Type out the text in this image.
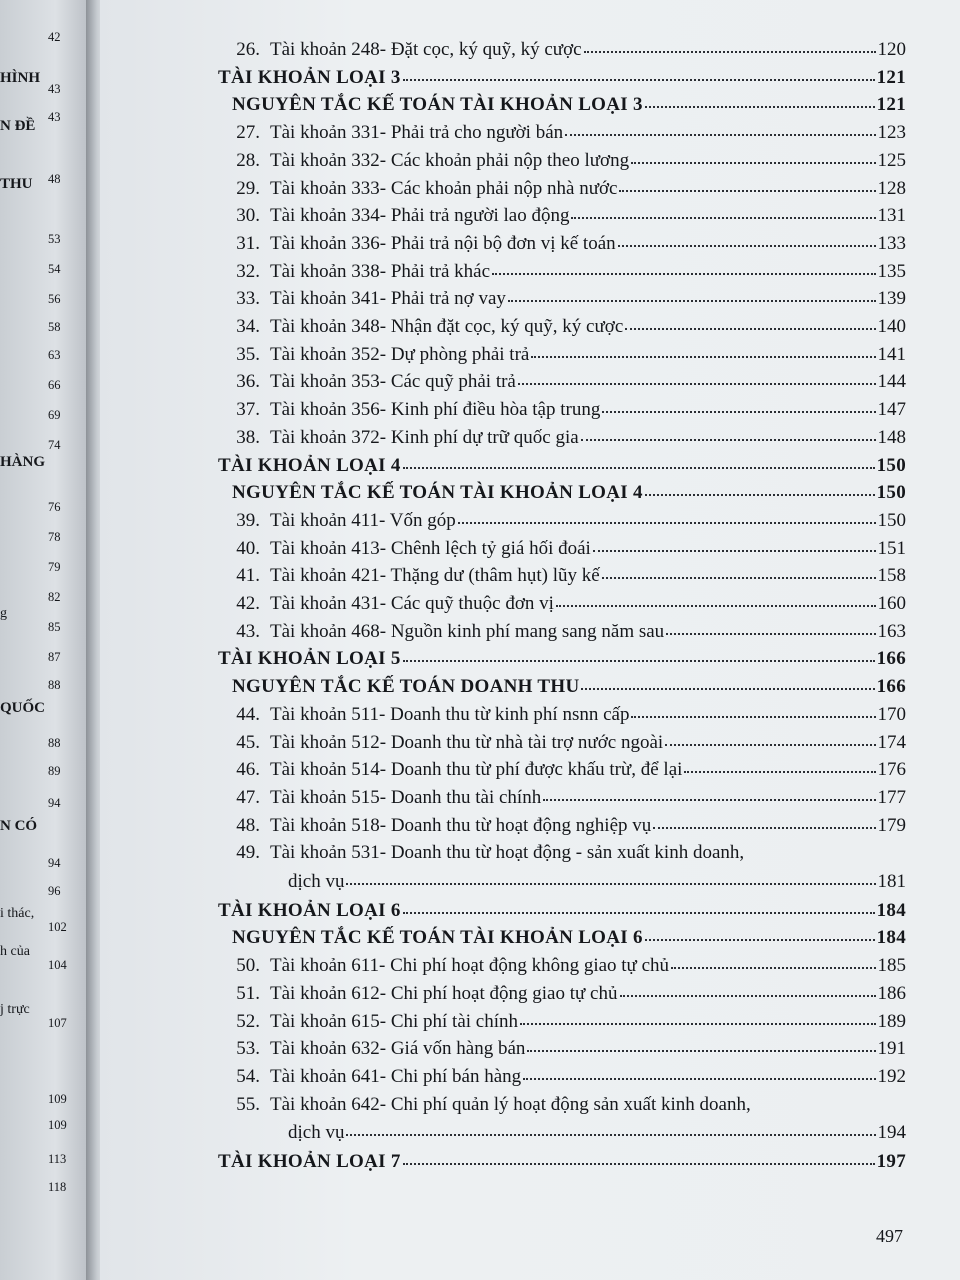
42
HÌNH
43
43
N ĐỀ
48
THU
53
54
56
58
63
66
69
74
HÀNG
76
78
79
82
g
85
87
88
QUỐC
88
89
94
N CÓ
94
96
i thác,
102
h của
104
j trực
107
109
109
113
118
26. Tài khoản 248- Đặt cọc, ký quỹ, ký cược	120
TÀI KHOẢN LOẠI 3	121
NGUYÊN TẮC KẾ TOÁN TÀI KHOẢN LOẠI 3	121
27. Tài khoản 331- Phải trả cho người bán	123
28. Tài khoản 332- Các khoản phải nộp theo lương	125
29. Tài khoản 333- Các khoản phải nộp nhà nước	128
30. Tài khoản 334- Phải trả người lao động	131
31. Tài khoản 336- Phải trả nội bộ đơn vị kế toán	133
32. Tài khoản 338- Phải trả khác	135
33. Tài khoản 341- Phải trả nợ vay	139
34. Tài khoản 348- Nhận đặt cọc, ký quỹ, ký cược	140
35. Tài khoản 352- Dự phòng phải trả	141
36. Tài khoản 353- Các quỹ phải trả	144
37. Tài khoản 356- Kinh phí điều hòa tập trung	147
38. Tài khoản 372- Kinh phí dự trữ quốc gia	148
TÀI KHOẢN LOẠI 4	150
NGUYÊN TẮC KẾ TOÁN TÀI KHOẢN LOẠI 4	150
39. Tài khoản 411- Vốn góp	150
40. Tài khoản 413- Chênh lệch tỷ giá hối đoái	151
41. Tài khoản 421- Thặng dư (thâm hụt) lũy kế	158
42. Tài khoản 431- Các quỹ thuộc đơn vị	160
43. Tài khoản 468- Nguồn kinh phí mang sang năm sau	163
TÀI KHOẢN LOẠI 5	166
NGUYÊN TẮC KẾ TOÁN DOANH THU	166
44. Tài khoản 511- Doanh thu từ kinh phí nsnn cấp	170
45. Tài khoản 512- Doanh thu từ nhà tài trợ nước ngoài	174
46. Tài khoản 514- Doanh thu từ phí được khấu trừ, để lại	176
47. Tài khoản 515- Doanh thu tài chính	177
48. Tài khoản 518- Doanh thu từ hoạt động nghiệp vụ	179
49. Tài khoản 531- Doanh thu từ hoạt động - sản xuất kinh doanh,
dịch vụ	181
TÀI KHOẢN LOẠI 6	184
NGUYÊN TẮC KẾ TOÁN TÀI KHOẢN LOẠI 6	184
50. Tài khoản 611- Chi phí hoạt động không giao tự chủ	185
51. Tài khoản 612- Chi phí hoạt động giao tự chủ	186
52. Tài khoản 615- Chi phí tài chính	189
53. Tài khoản 632- Giá vốn hàng bán	191
54. Tài khoản 641- Chi phí bán hàng	192
55. Tài khoản 642- Chi phí quản lý hoạt động sản xuất kinh doanh,
dịch vụ	194
TÀI KHOẢN LOẠI 7	197
497
